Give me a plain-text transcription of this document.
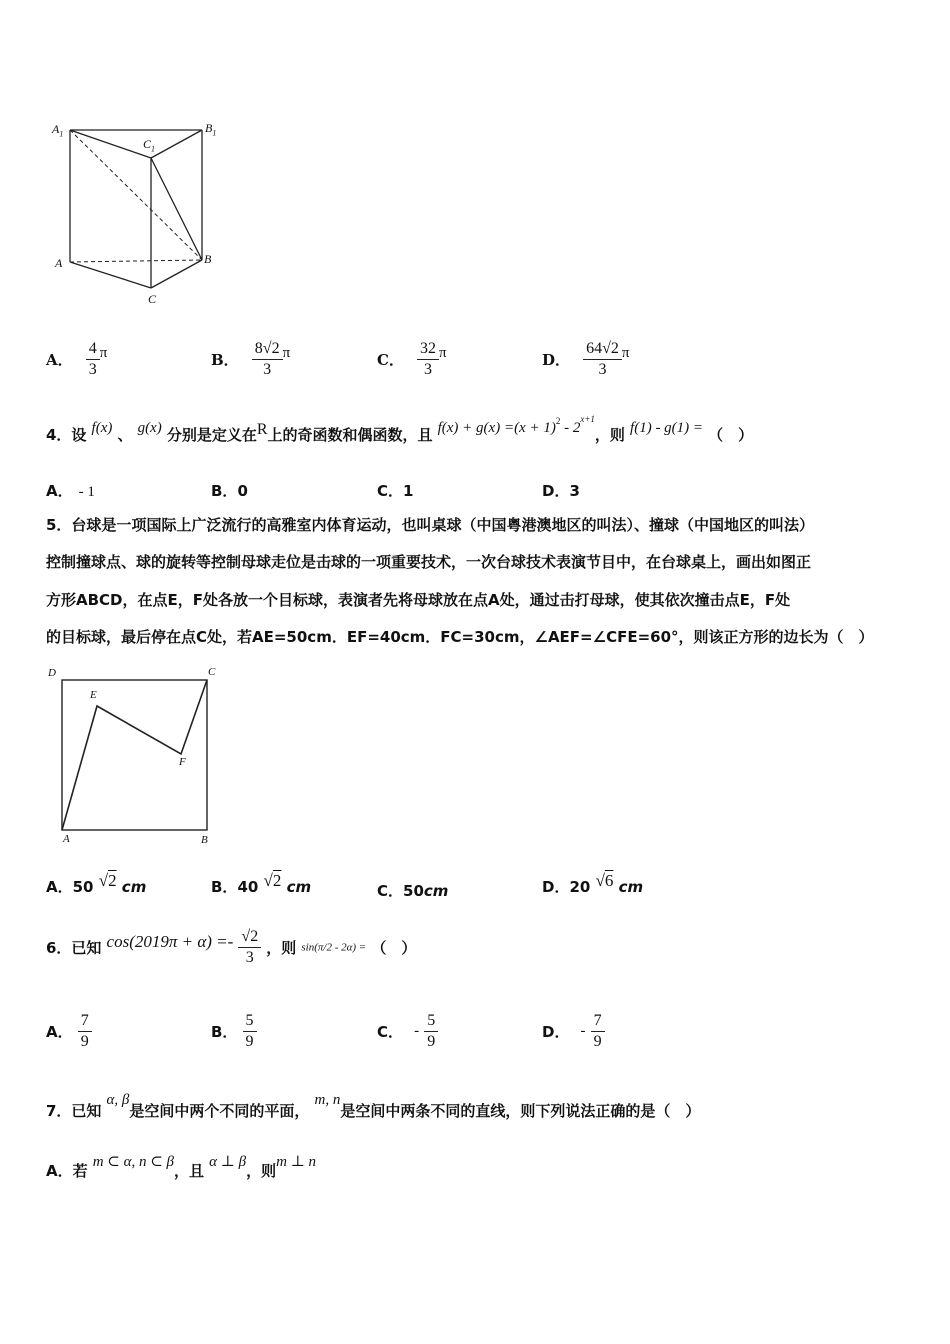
$A_1$	$B_1$
$C_1$
A	B
C
A． $\frac{4}{3}$ π	B． $\frac{8√2}{3}$ π	C． $\frac{32}{3}$ π	D． $\frac{64√2}{3}$ π
4．设 f(x) 、 g(x) 分别是定义在R上的奇函数和偶函数，且 $f(x) + g(x) =(x + 1)^2 - 2^{x+1}$，则 f(1) - g(1) = （　）
A． - 1	B．0	C．1	D．3
5．台球是一项国际上广泛流行的高雅室内体育运动，也叫桌球（中国粤港澳地区的叫法）、撞球（中国地区的叫法）
控制撞球点、球的旋转等控制母球走位是击球的一项重要技术，一次台球技术表演节目中，在台球桌上，画出如图正
方形ABCD，在点E，F处各放一个目标球，表演者先将母球放在点A处，通过击打母球，使其依次撞击点E，F处
的目标球，最后停在点C处，若AE=50cm．EF=40cm．FC=30cm，∠AEF=∠CFE=60°，则该正方形的边长为（　）
D	C
E
F
A	B
A．50 √2 cm	B．40 √2 cm	C．50cm	D．20 √6 cm
6．已知 $\cos(2019\pi + \alpha) =- \frac{√2}{3}$ ，则 sin(π/2 - 2α) = （　）
A． $\frac{7}{9}$	B． $\frac{5}{9}$	C． - $\frac{5}{9}$	D． - $\frac{7}{9}$
7．已知 α, β是空间中两个不同的平面， m, n是空间中两条不同的直线，则下列说法正确的是（　）
A．若 m ⊂ α, n ⊂ β，且 α ⊥ β，则m ⊥ n
